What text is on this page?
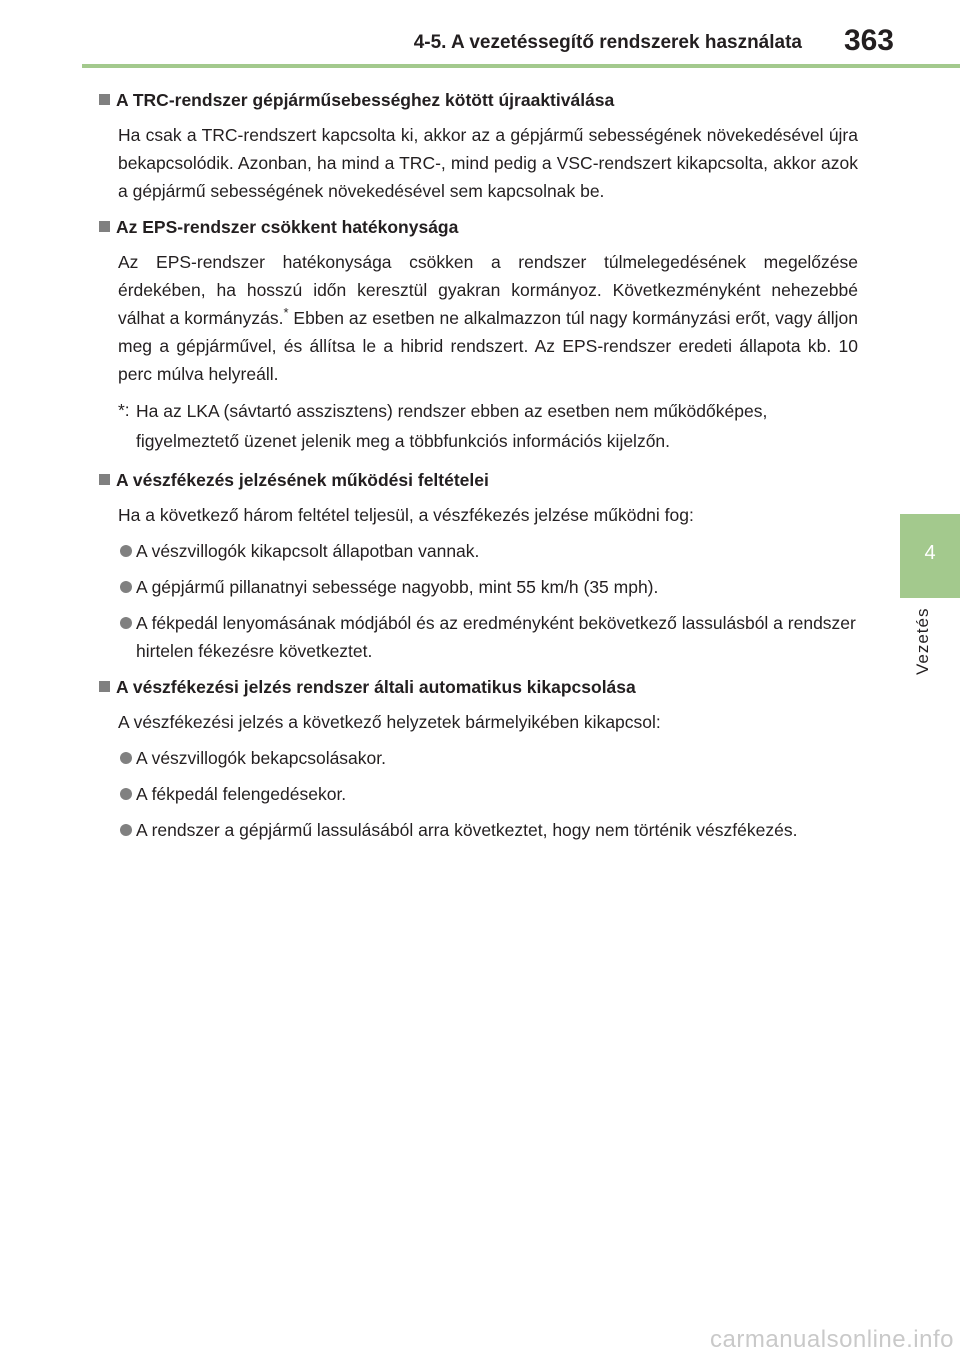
4-5. A vezetéssegítő rendszerek használata 363
4
Vezetés
A TRC-rendszer gépjárműsebességhez kötött újraaktiválása
Ha csak a TRC-rendszert kapcsolta ki, akkor az a gépjármű sebességének növekedésével újra bekapcsolódik. Azonban, ha mind a TRC-, mind pedig a VSC-rendszert kikapcsolta, akkor azok a gépjármű sebességének növekedésével sem kapcsolnak be.
Az EPS-rendszer csökkent hatékonysága
Az EPS-rendszer hatékonysága csökken a rendszer túlmelegedésének megelőzése érdekében, ha hosszú időn keresztül gyakran kormányoz. Következményként nehezebbé válhat a kormányzás.* Ebben az esetben ne alkalmazzon túl nagy kormányzási erőt, vagy álljon meg a gépjárművel, és állítsa le a hibrid rendszert. Az EPS-rendszer eredeti állapota kb. 10 perc múlva helyreáll.
*: Ha az LKA (sávtartó asszisztens) rendszer ebben az esetben nem működőképes, figyelmeztető üzenet jelenik meg a többfunkciós információs kijelzőn.
A vészfékezés jelzésének működési feltételei
Ha a következő három feltétel teljesül, a vészfékezés jelzése működni fog:
A vészvillogók kikapcsolt állapotban vannak.
A gépjármű pillanatnyi sebessége nagyobb, mint 55 km/h (35 mph).
A fékpedál lenyomásának módjából és az eredményként bekövetkező lassulásból a rendszer hirtelen fékezésre következtet.
A vészfékezési jelzés rendszer általi automatikus kikapcsolása
A vészfékezési jelzés a következő helyzetek bármelyikében kikapcsol:
A vészvillogók bekapcsolásakor.
A fékpedál felengedésekor.
A rendszer a gépjármű lassulásából arra következtet, hogy nem történik vészfékezés.
carmanualsonline.info
